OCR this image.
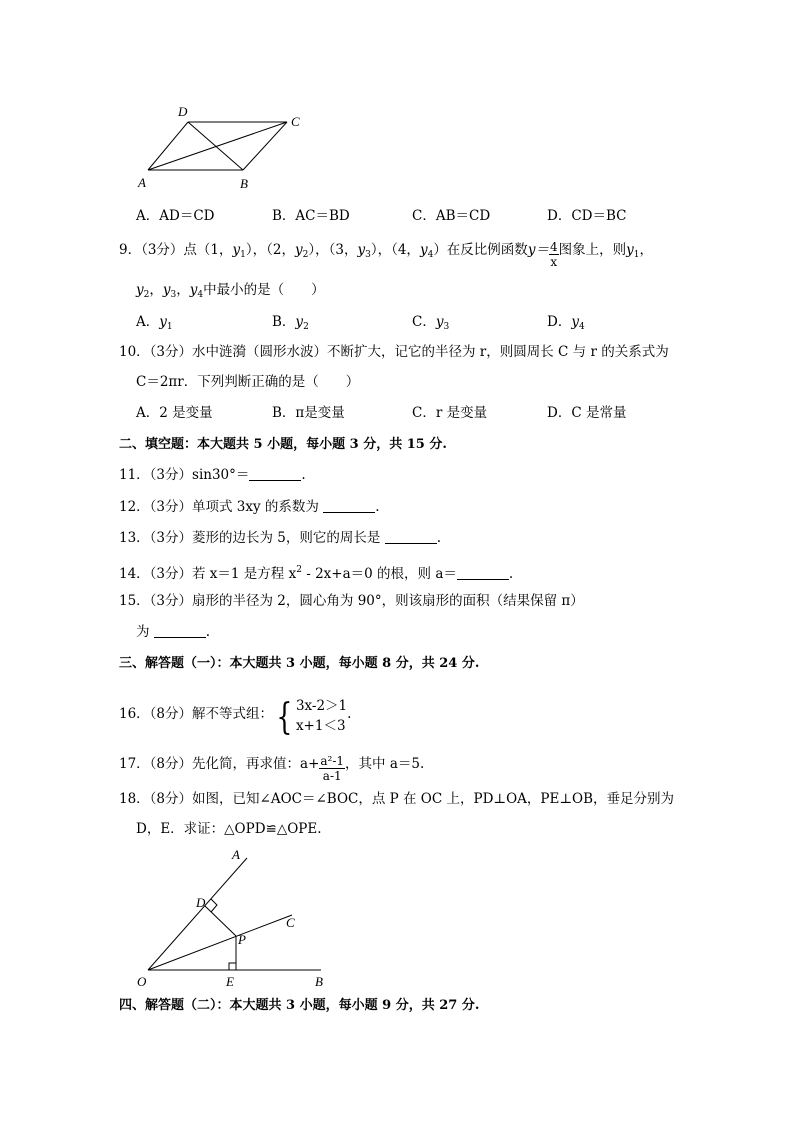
D
C
A	B
A．AD＝CD	B．AC＝BD	C．AB＝CD	D．CD＝BC
9．（3分）点（1，$y_1$），（2，$y_2$），（3，$y_3$），（4，$y_4$）在反比例函数$y= \frac{4}{x}$ 图象上，则$y_1$，
$y_2$，$y_3$，$y_4$中最小的是（　　）
A．$y_1$	B．$y_2$	C．$y_3$	D．$y_4$
10．（3分）水中涟漪（圆形水波）不断扩大，记它的半径为 r，则圆周长 C 与 r 的关系式为
C＝2πr．下列判断正确的是（　　）
A．2 是变量	B．π是变量	C．r 是变量	D．C 是常量
二、填空题：本大题共 5 小题，每小题 3 分，共 15 分.
11．（3分）sin30°＝	.
12．（3分）单项式 3xy 的系数为	.
13．（3分）菱形的边长为 5，则它的周长是	.
14．（3分）若 x＝1 是方程 $x^2 - 2x+a=0$ 的根，则 a＝	.
15．（3分）扇形的半径为 2，圆心角为 90°，则该扇形的面积（结果保留 π）
为	.
三、解答题（一）：本大题共 3 小题，每小题 8 分，共 24 分.
16．（8分）解不等式组：{ 3x-2＞1
x+1＜3
.
17．（8分）先化简，再求值：$a+ \frac{\text{a²-1}}{a-1}$ ，其中 a＝5.
18．（8分）如图，已知∠AOC＝∠BOC，点 P 在 OC 上，PD⊥OA，PE⊥OB，垂足分别为
D，E．求证：△OPD≌△OPE.
A
D
C
P
O	E	B
四、解答题（二）：本大题共 3 小题，每小题 9 分，共 27 分.
